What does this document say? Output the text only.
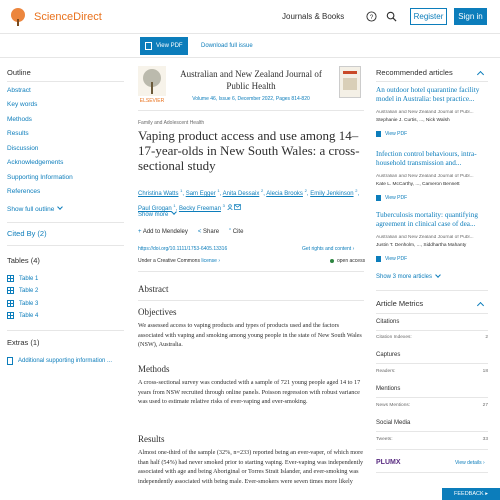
ScienceDirect	Journals & Books	?	Register	Sign in
View PDF	Download full issue
Outline
Abstract
Key words
Methods
Results
Discussion
Acknowledgements
Supporting Information
References
Show full outline
Cited By (2)
Tables (4)
Table 1
Table 2
Table 3
Table 4
Extras (1)
Additional supporting information ...
ELSEVIER
Australian and New Zealand Journal of Public Health
Volume 46, Issue 6, December 2022, Pages 814-820
Family and Adolescent Health
Vaping product access and use among 14–17-year-olds in New South Wales: a cross-sectional study
Christina Watts $^1$, Sam Egger $^1$, Anita Dessaix $^2$, Alecia Brooks $^2$, Emily Jenkinson $^2$, Paul Grogan $^1$, Becky Freeman $^3$
Show more
+ Add to Mendeley < Share ” Cite
https://doi.org/10.1111/1753-6405.13316	Get rights and content ›
Under a Creative Commons license ›	open access
Abstract
Objectives

We assessed access to vaping products and types of products used and the factors associated with vaping and smoking among young people in the state of New South Wales (NSW), Australia.

Methods

A cross-sectional survey was conducted with a sample of 721 young people aged 14 to 17 years from NSW recruited through online panels. Poisson regression with robust variance was used to estimate relative risks of ever-vaping and ever-smoking.

Results

Almost one-third of the sample (32%, n=233) reported being an ever-vaper, of which more than half (54%) had never smoked prior to starting vaping. Ever-vaping was independently associated with age and being Aboriginal or Torres Strait Islander, and ever-smoking was independently associated with being male. Ever-smokers were seven times more likely

Recommended articles
An outdoor hotel quarantine facility model in Australia: best practice...
Australian and New Zealand Journal of Publ...
Stephanie J. Curtis, ..., Nick Walsh
View PDF
Infection control behaviours, intra-household transmission and...
Australian and New Zealand Journal of Publ...
Kate L. McCarthy, ..., Cameron Bennett
View PDF
Tuberculosis mortality: quantifying agreement in clinical case of dea...
Australian and New Zealand Journal of Publ...
Justin T. Denholm, ..., Siddhartha Mahanty
View PDF
Show 3 more articles
Article Metrics
Citations
Citation Indexes:	2
Captures
Readers:	18
Mentions
News Mentions:	27
Social Media
Tweets:	33
PLUMX	View details ›
FEEDBACK ▸
